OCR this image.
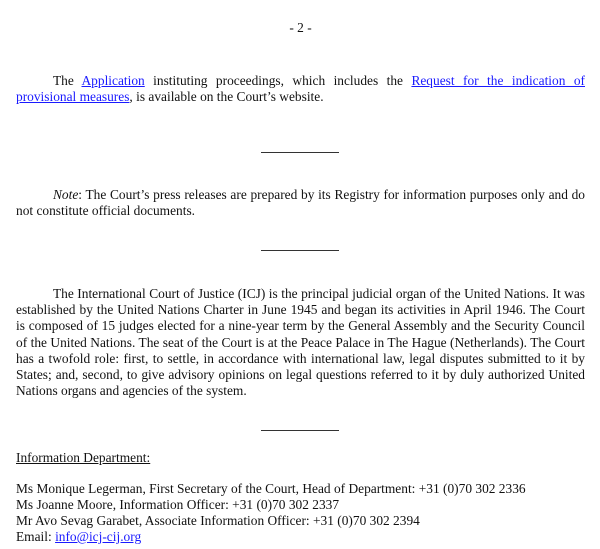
- 2 -

The Application instituting proceedings, which includes the Request for the indication of provisional measures, is available on the Court’s website.

Note: The Court’s press releases are prepared by its Registry for information purposes only and do not constitute official documents.

The International Court of Justice (ICJ) is the principal judicial organ of the United Nations. It was established by the United Nations Charter in June 1945 and began its activities in April 1946. The Court is composed of 15 judges elected for a nine-year term by the General Assembly and the Security Council of the United Nations. The seat of the Court is at the Peace Palace in The Hague (Netherlands). The Court has a twofold role: first, to settle, in accordance with international law, legal disputes submitted to it by States; and, second, to give advisory opinions on legal questions referred to it by duly authorized United Nations organs and agencies of the system.

Information Department:
Ms Monique Legerman, First Secretary of the Court, Head of Department: +31 (0)70 302 2336
Ms Joanne Moore, Information Officer: +31 (0)70 302 2337
Mr Avo Sevag Garabet, Associate Information Officer: +31 (0)70 302 2394
Email: info@icj-cij.org
